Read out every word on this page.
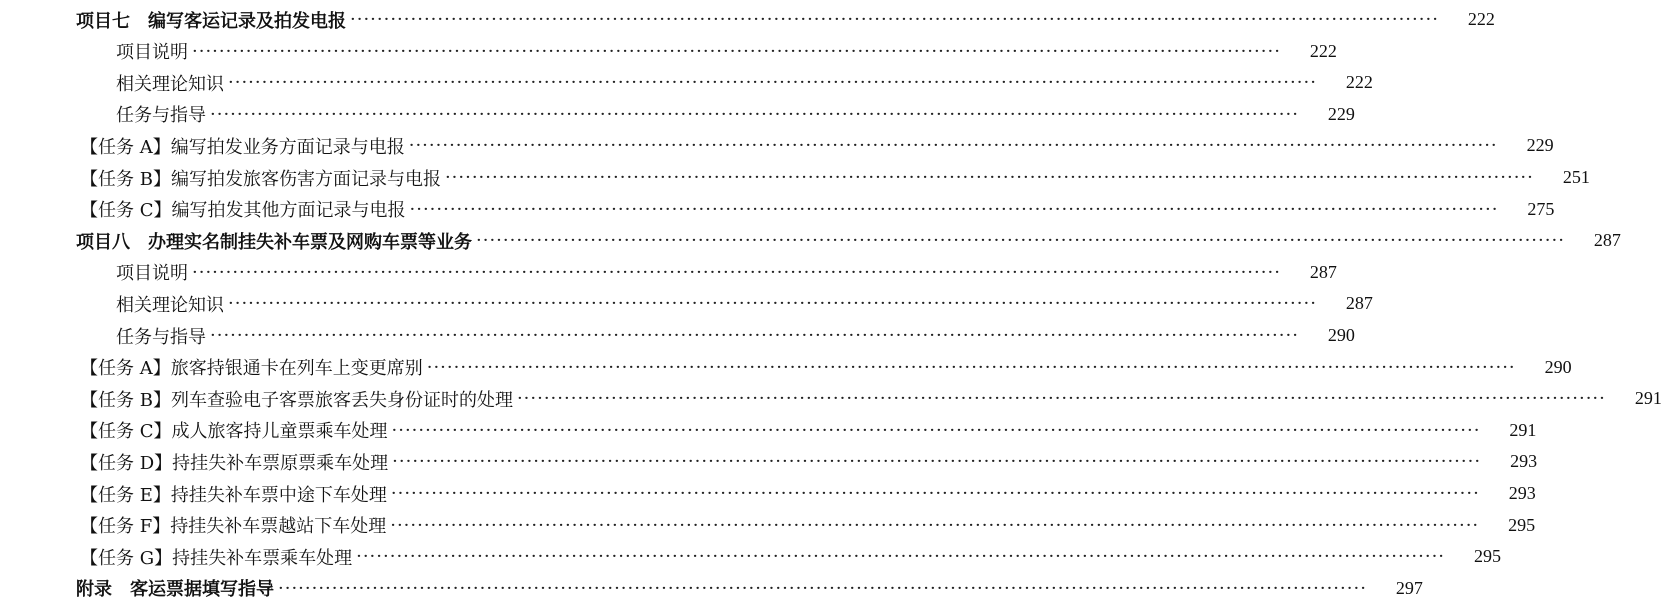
项目七　编写客运记录及拍发电报 ·····	222
项目说明 ·····	222
相关理论知识 ·····	222
任务与指导 ·····	229
【任务 A】 编写拍发业务方面记录与电报 ·····	229
【任务 B】 编写拍发旅客伤害方面记录与电报 ·····	251
【任务 C】 编写拍发其他方面记录与电报 ·····	275
项目八　办理实名制挂失补车票及网购车票等业务 ·····	287
项目说明 ·····	287
相关理论知识 ·····	287
任务与指导 ·····	290
【任务 A】 旅客持银通卡在列车上变更席别 ·····	290
【任务 B】 列车查验电子客票旅客丢失身份证时的处理 ·····	291
【任务 C】 成人旅客持儿童票乘车处理 ·····	291
【任务 D】 持挂失补车票原票乘车处理 ·····	293
【任务 E】 持挂失补车票中途下车处理 ·····	293
【任务 F】 持挂失补车票越站下车处理 ·····	295
【任务 G】 持挂失补车票乘车处理 ·····	295
附录　客运票据填写指导 ·····	297
